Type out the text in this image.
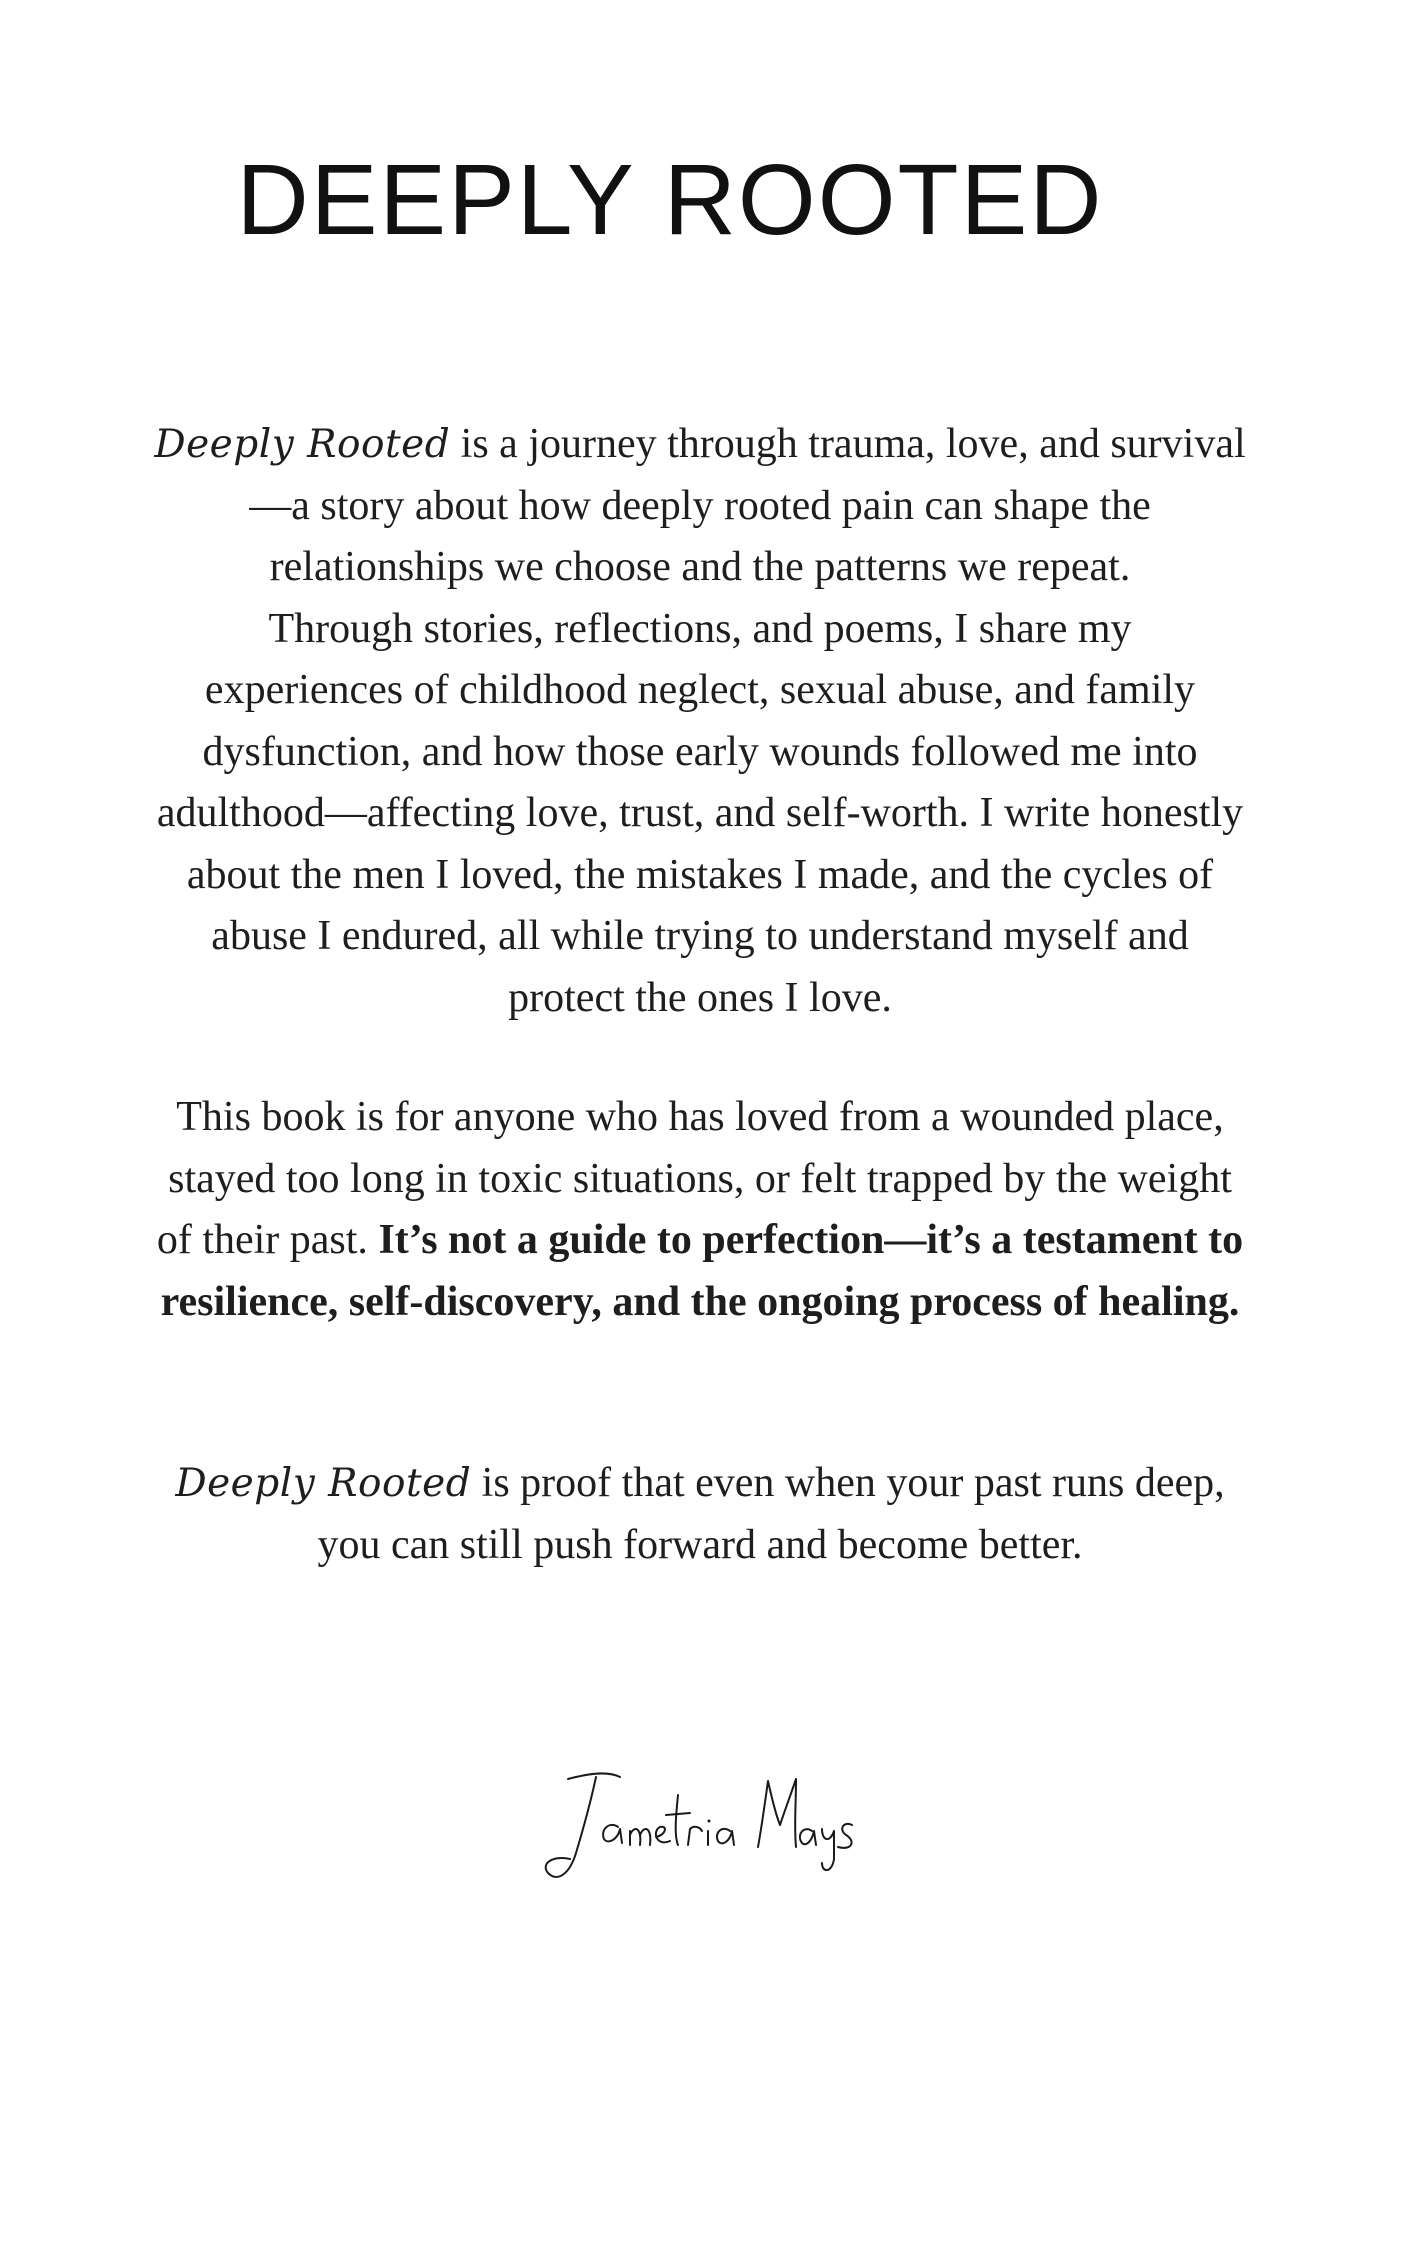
DEEPLY ROOTED

Deeply Rooted is a journey through trauma, love, and survival
—a story about how deeply rooted pain can shape the
relationships we choose and the patterns we repeat.
Through stories, reflections, and poems, I share my
experiences of childhood neglect, sexual abuse, and family
dysfunction, and how those early wounds followed me into
adulthood—affecting love, trust, and self-worth. I write honestly
about the men I loved, the mistakes I made, and the cycles of
abuse I endured, all while trying to understand myself and
protect the ones I love.

This book is for anyone who has loved from a wounded place,
stayed too long in toxic situations, or felt trapped by the weight
of their past. It’s not a guide to perfection—it’s a testament to
resilience, self-discovery, and the ongoing process of healing.

Deeply Rooted is proof that even when your past runs deep,
you can still push forward and become better.
